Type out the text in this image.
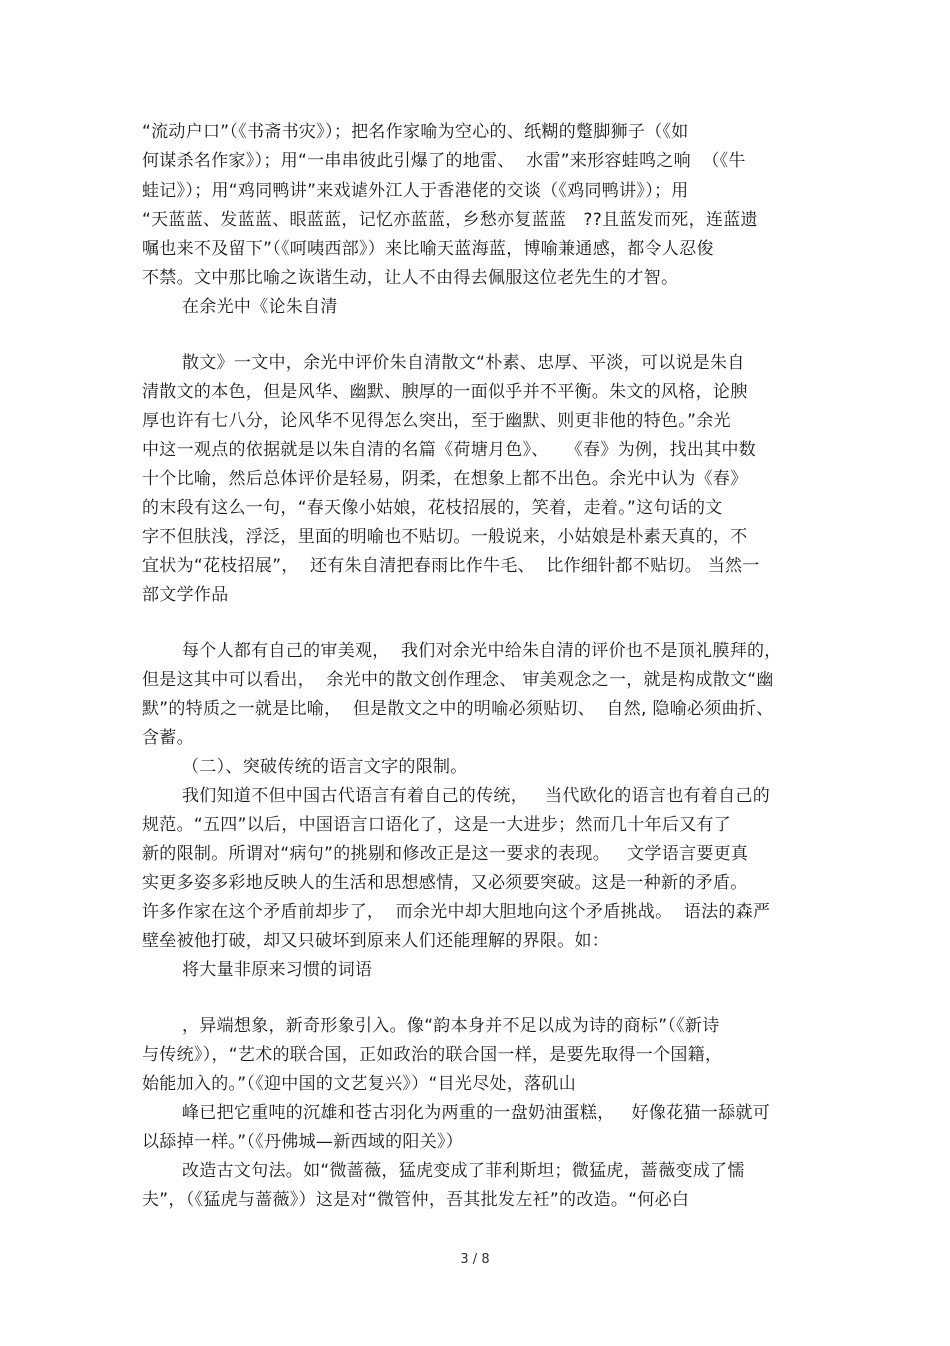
“流动户口”（《书斋书灾》）；把名作家喻为空心的、纸糊的蹩脚狮子（《如

何谋杀名作家》）；用“一串串彼此引爆了的地雷、  水雷”来形容蛙鸣之响  （《牛

蛙记》）；用“鸡同鸭讲”来戏谑外江人于香港佬的交谈（《鸡同鸭讲》）；用

“天蓝蓝、发蓝蓝、眼蓝蓝，记忆亦蓝蓝，乡愁亦复蓝蓝   ??且蓝发而死，连蓝遗

嘱也来不及留下”（《呵咦西部》）来比喻天蓝海蓝，博喻兼通感，都令人忍俊

不禁。文中那比喻之诙谐生动，让人不由得去佩服这位老先生的才智。

在余光中《论朱自清

散文》一文中，余光中评价朱自清散文“朴素、忠厚、平淡，可以说是朱自

清散文的本色，但是风华、幽默、腴厚的一面似乎并不平衡。朱文的风格，论腴

厚也许有七八分，论风华不见得怎么突出，至于幽默、则更非他的特色。”余光

中这一观点的依据就是以朱自清的名篇《荷塘月色》、   《春》为例，找出其中数

十个比喻，然后总体评价是轻易，阴柔，在想象上都不出色。余光中认为《春》

的末段有这么一句，“春天像小姑娘，花枝招展的，笑着，走着。”这句话的文

字不但肤浅，浮泛，里面的明喻也不贴切。一般说来，小姑娘是朴素天真的，不

宜状为“花枝招展”，  还有朱自清把春雨比作牛毛、  比作细针都不贴切。 当然一

部文学作品

每个人都有自己的审美观，  我们对余光中给朱自清的评价也不是顶礼膜拜的，

但是这其中可以看出，  余光中的散文创作理念、 审美观念之一，就是构成散文“幽

默”的特质之一就是比喻，  但是散文之中的明喻必须贴切、  自然, 隐喻必须曲折、

含蓄。

（二）、突破传统的语言文字的限制。

我们知道不但中国古代语言有着自己的传统，   当代欧化的语言也有着自己的

规范。“五四”以后，中国语言口语化了，这是一大进步；然而几十年后又有了

新的限制。所谓对“病句”的挑剔和修改正是这一要求的表现。   文学语言要更真

实更多姿多彩地反映人的生活和思想感情，又必须要突破。这是一种新的矛盾。

许多作家在这个矛盾前却步了，  而余光中却大胆地向这个矛盾挑战。  语法的森严

壁垒被他打破，却又只破坏到原来人们还能理解的界限。如：

将大量非原来习惯的词语

，异端想象，新奇形象引入。像“韵本身并不足以成为诗的商标”（《新诗

与传统》），“艺术的联合国，正如政治的联合国一样，是要先取得一个国籍，

始能加入的。”（《迎中国的文艺复兴》）“目光尽处，落矶山

峰已把它重吨的沉雄和苍古羽化为两重的一盘奶油蛋糕，   好像花猫一舔就可

以舔掉一样。”（《丹佛城—新西域的阳关》）

改造古文句法。如“微蔷薇，猛虎变成了菲利斯坦；微猛虎，蔷薇变成了懦

夫”，（《猛虎与蔷薇》）这是对“微管仲，吾其批发左衽”的改造。“何必白

3 / 8
